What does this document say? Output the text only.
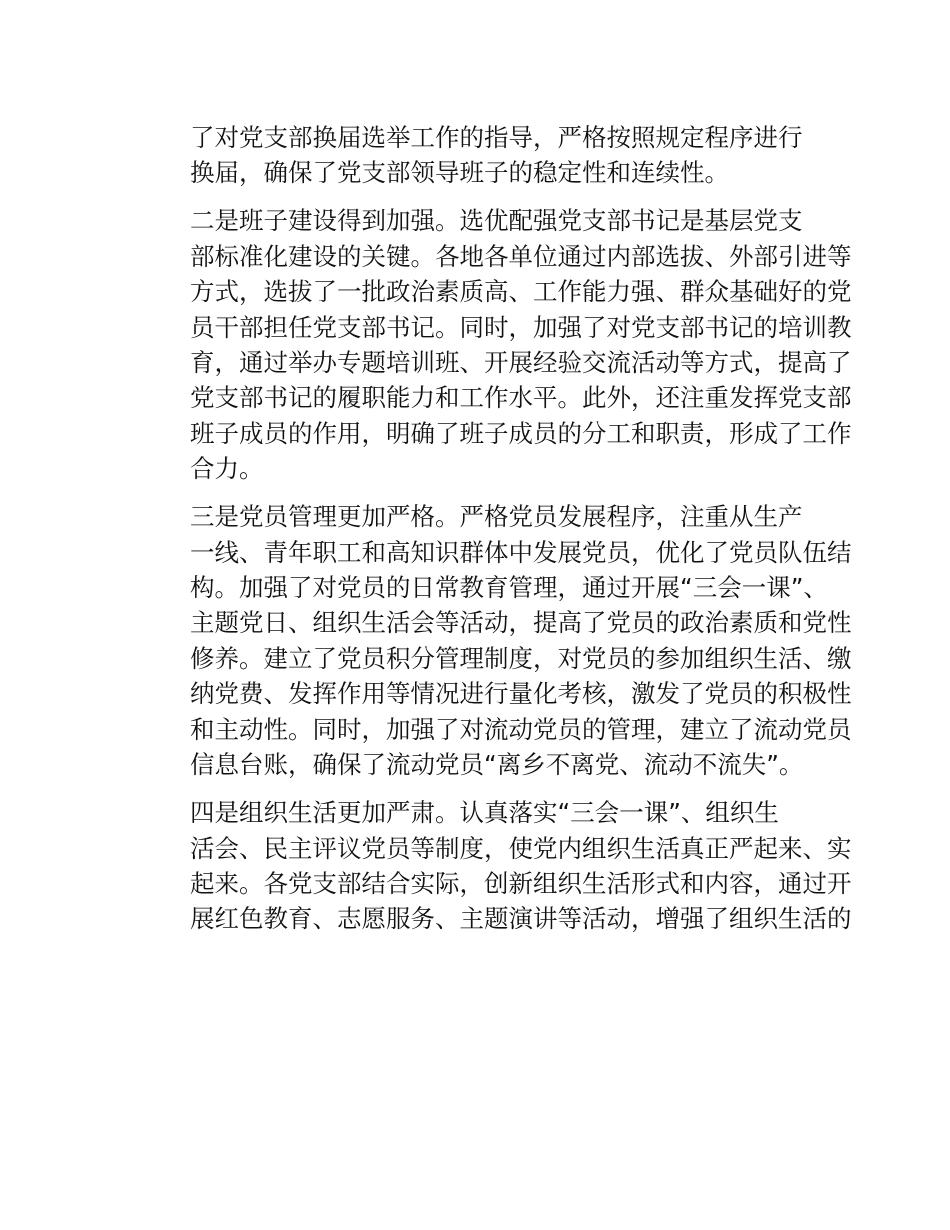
了对党支部换届选举工作的指导，严格按照规定程序进行
换届，确保了党支部领导班子的稳定性和连续性。

二是班子建设得到加强。选优配强党支部书记是基层党支
部标准化建设的关键。各地各单位通过内部选拔、外部引进等
方式，选拔了一批政治素质高、工作能力强、群众基础好的党
员干部担任党支部书记。同时，加强了对党支部书记的培训教
育，通过举办专题培训班、开展经验交流活动等方式，提高了
党支部书记的履职能力和工作水平。此外，还注重发挥党支部
班子成员的作用，明确了班子成员的分工和职责，形成了工作
合力。

三是党员管理更加严格。严格党员发展程序，注重从生产
一线、青年职工和高知识群体中发展党员，优化了党员队伍结
构。加强了对党员的日常教育管理，通过开展“三会一课”、
主题党日、组织生活会等活动，提高了党员的政治素质和党性
修养。建立了党员积分管理制度，对党员的参加组织生活、缴
纳党费、发挥作用等情况进行量化考核，激发了党员的积极性
和主动性。同时，加强了对流动党员的管理，建立了流动党员
信息台账，确保了流动党员“离乡不离党、流动不流失”。

四是组织生活更加严肃。认真落实“三会一课”、组织生
活会、民主评议党员等制度，使党内组织生活真正严起来、实
起来。各党支部结合实际，创新组织生活形式和内容，通过开
展红色教育、志愿服务、主题演讲等活动，增强了组织生活的
